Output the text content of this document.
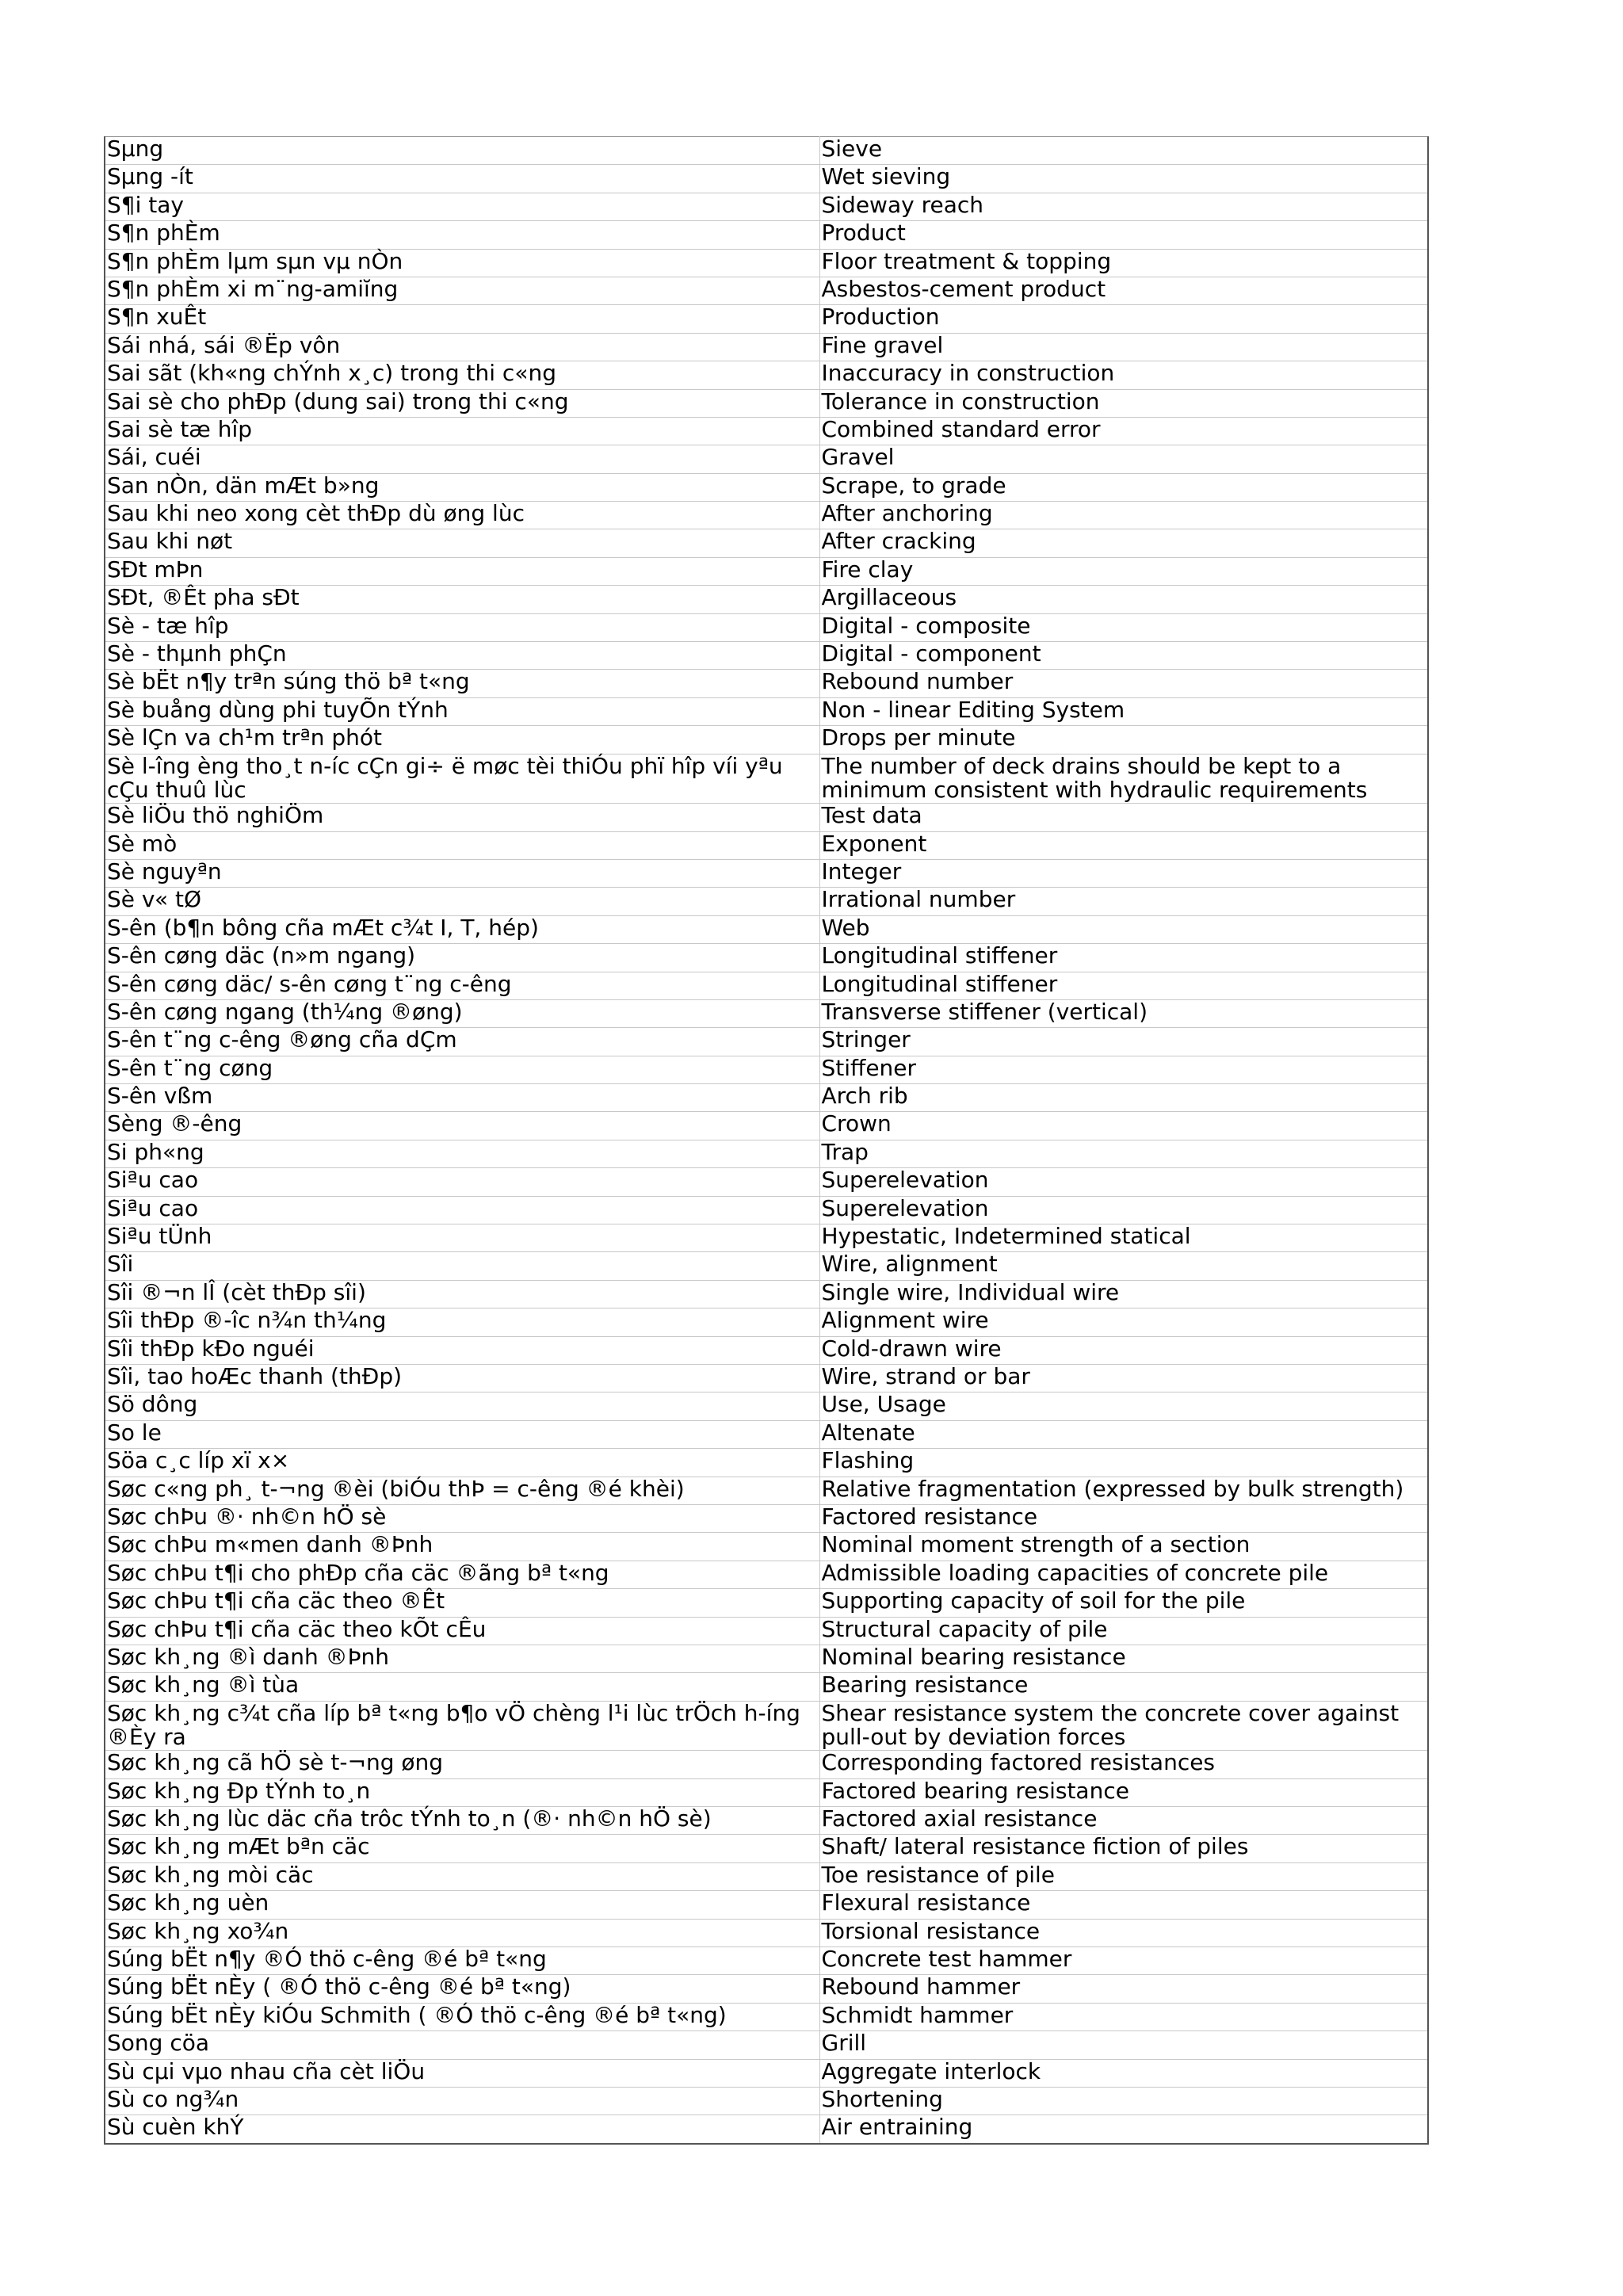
Sµng	Sieve
Sµng -ít	Wet sieving
S¶i tay	Sideway reach
S¶n phÈm	Product
S¶n phÈm lµm sµn vµ nÒn	Floor treatment & topping
S¶n phÈm xi m¨ng-amiĭng	Asbestos-cement product
S¶n xuÊt	Production
Sái nhá, sái ®Ëp vôn	Fine gravel
Sai sãt (kh«ng chÝnh x¸c) trong thi c«ng	Inaccuracy in construction
Sai sè cho phÐp (dung sai) trong thi c«ng	Tolerance in construction
Sai sè tæ hîp	Combined standard error
Sái, cuéi	Gravel
San nÒn, dän mÆt b»ng	Scrape, to grade
Sau khi neo xong cèt thÐp dù øng lùc	After anchoring
Sau khi nøt	After cracking
SÐt mÞn	Fire clay
SÐt, ®Êt pha sÐt	Argillaceous
Sè - tæ hîp	Digital - composite
Sè - thµnh phÇn	Digital - component
Sè bËt n¶y trªn súng thö bª t«ng	Rebound number
Sè buång dùng phi tuyÕn tÝnh	Non - linear Editing System
Sè lÇn va ch¹m trªn phót	Drops per minute
Sè l-îng èng tho¸t n-íc cÇn gi÷ ë møc tèi thiÓu phï hîp víi yªu cÇu thuû lùc	The number of deck drains should be kept to a minimum consistent with hydraulic requirements
Sè liÖu thö nghiÖm	Test data
Sè mò	Exponent
Sè nguyªn	Integer
Sè v« tØ	Irrational number
S-ên (b¶n bông cña mÆt c¾t I, T, hép)	Web
S-ên cøng däc (n»m ngang)	Longitudinal stiffener
S-ên cøng däc/ s-ên cøng t¨ng c-êng	Longitudinal stiffener
S-ên cøng ngang (th¼ng ®øng)	Transverse stiffener (vertical)
S-ên t¨ng c-êng ®øng cña dÇm	Stringer
S-ên t¨ng cøng	Stiffener
S-ên vßm	Arch rib
Sèng ®-êng	Crown
Si ph«ng	Trap
Siªu cao	Superelevation
Siªu cao	Superelevation
Siªu tÜnh	Hypestatic, Indetermined statical
Sîi	Wire, alignment
Sîi ®¬n lÎ (cèt thÐp sîi)	Single wire, Individual wire
Sîi thÐp ®-îc n¾n th¼ng	Alignment wire
Sîi thÐp kÐo nguéi	Cold-drawn wire
Sîi, tao hoÆc thanh (thÐp)	Wire, strand or bar
Sö dông	Use, Usage
So le	Altenate
Söa c¸c líp xï x×	Flashing
Søc c«ng ph¸ t-¬ng ®èi (biÓu thÞ = c-êng ®é khèi)	Relative fragmentation (expressed by bulk strength)
Søc chÞu ®· nh©n hÖ sè	Factored resistance
Søc chÞu m«men danh ®Þnh	Nominal moment strength of a section
Søc chÞu t¶i cho phÐp cña cäc ®ãng bª t«ng	Admissible loading capacities of concrete pile
Søc chÞu t¶i cña cäc theo ®Êt	Supporting capacity of soil for the pile
Søc chÞu t¶i cña cäc theo kÕt cÊu	Structural capacity of pile
Søc kh¸ng ®ì danh ®Þnh	Nominal bearing resistance
Søc kh¸ng ®ì tùa	Bearing resistance
Søc kh¸ng c¾t cña líp bª t«ng b¶o vÖ chèng l¹i lùc trÖch h-íng ®Èy ra	Shear resistance system the concrete cover against pull-out by deviation forces
Søc kh¸ng cã hÖ sè t-¬ng øng	Corresponding factored resistances
Søc kh¸ng Ðp tÝnh to¸n	Factored bearing resistance
Søc kh¸ng lùc däc cña trôc tÝnh to¸n (®· nh©n hÖ sè)	Factored axial resistance
Søc kh¸ng mÆt bªn cäc	Shaft/ lateral resistance fiction of piles
Søc kh¸ng mòi cäc	Toe resistance of pile
Søc kh¸ng uèn	Flexural resistance
Søc kh¸ng xo¾n	Torsional resistance
Súng bËt n¶y ®Ó thö c-êng ®é bª t«ng	Concrete test hammer
Súng bËt nÈy ( ®Ó thö c-êng ®é bª t«ng)	Rebound hammer
Súng bËt nÈy kiÓu Schmith ( ®Ó thö c-êng ®é bª t«ng)	Schmidt hammer
Song cöa	Grill
Sù cµi vµo nhau cña cèt liÖu	Aggregate interlock
Sù co ng¾n	Shortening
Sù cuèn khÝ	Air entraining
